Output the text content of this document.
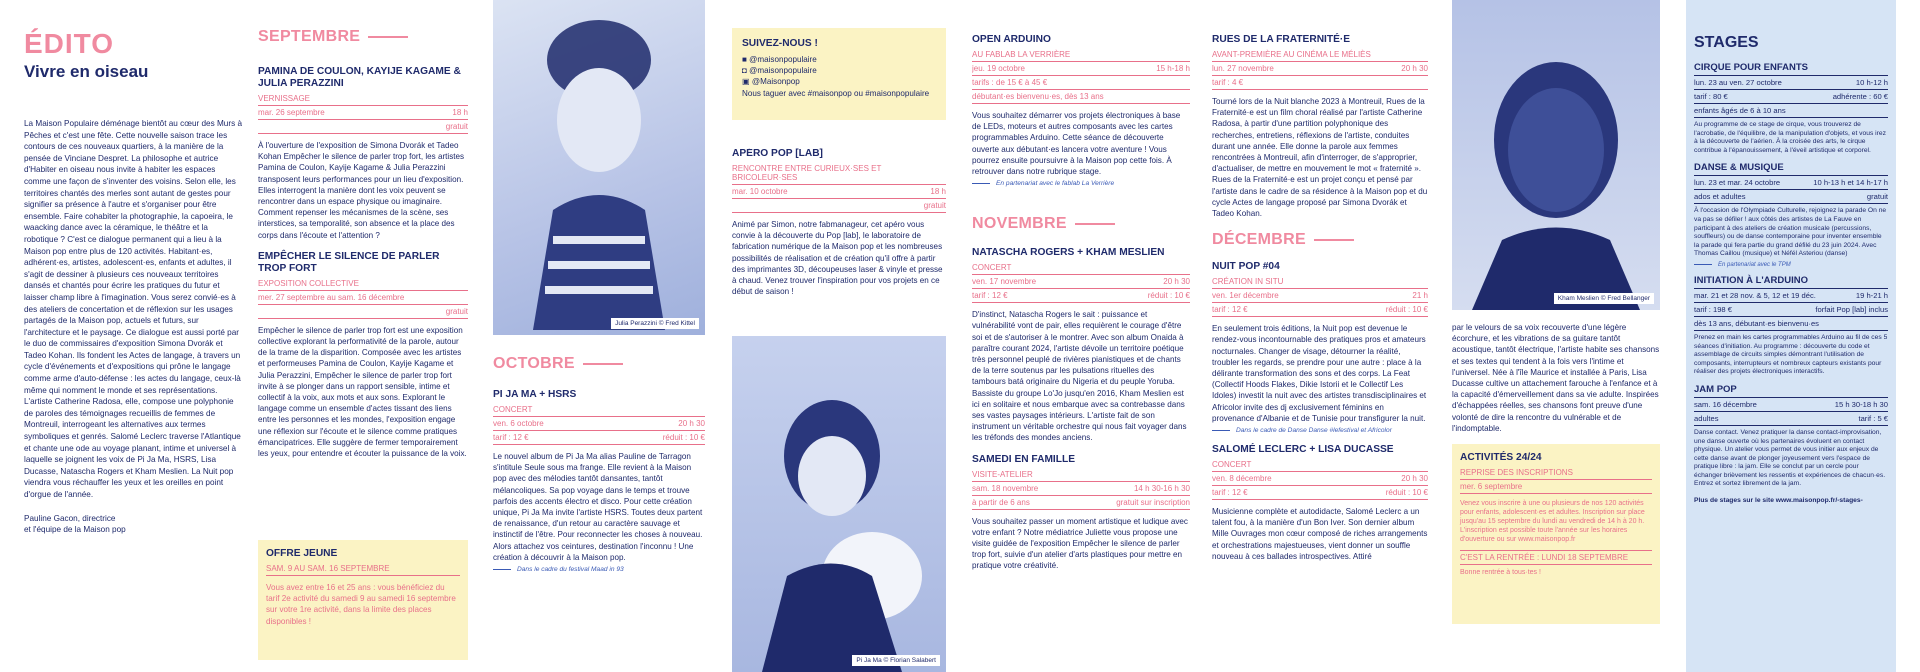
ÉDITO
Vivre en oiseau
La Maison Populaire déménage bientôt au cœur des Murs à Pêches et c'est une fête. Cette nouvelle saison trace les contours de ces nouveaux quartiers, à la manière de la pensée de Vinciane Despret. La philosophe et autrice d'Habiter en oiseau nous invite à habiter les espaces comme une façon de s'inventer des voisins. Selon elle, les territoires chantés des merles sont autant de gestes pour signifier sa présence à l'autre et s'organiser pour être ensemble. Faire cohabiter la photographie, la capoeira, le waacking dance avec la céramique, le théâtre et la robotique ? C'est ce dialogue permanent qui a lieu à la Maison pop entre plus de 120 activités. Habitant·es, adhérent·es, artistes, adolescent·es, enfants et adultes, il s'agit de dessiner à plusieurs ces nouveaux territoires dansés et chantés pour écrire les pratiques du futur et laisser champ libre à l'imagination. Vous serez convié·es à des ateliers de concertation et de réflexion sur les usages partagés de la Maison pop, actuels et futurs, sur l'architecture et le paysage. Ce dialogue est aussi porté par le duo de commissaires d'exposition Simona Dvorák et Tadeo Kohan. Ils fondent les Actes de langage, à travers un cycle d'événements et d'expositions qui prône le langage comme arme d'auto-défense : les actes du langage, ceux-là même qui nomment le monde et ses représentations. L'artiste Catherine Radosa, elle, compose une polyphonie de paroles des témoignages recueillis de femmes de Montreuil, interrogeant les alternatives aux termes symboliques et genrés. Salomé Leclerc traverse l'Atlantique et chante une ode au voyage planant, intime et universel à laquelle se joignent les voix de Pi Ja Ma, HSRS, Lisa Ducasse, Natascha Rogers et Kham Meslien. La Nuit pop viendra vous réchauffer les yeux et les oreilles en point d'orgue de l'année.
Pauline Gacon, directrice
et l'équipe de la Maison pop
SEPTEMBRE
PAMINA DE COULON, KAYIJE KAGAME & JULIA PERAZZINI
VERNISSAGE
mar. 26 septembre	18 h
gratuit
À l'ouverture de l'exposition de Simona Dvorák et Tadeo Kohan Empêcher le silence de parler trop fort, les artistes Pamina de Coulon, Kayije Kagame & Julia Perazzini transposent leurs performances pour un lieu d'exposition. Elles interrogent la manière dont les voix peuvent se rencontrer dans un espace physique ou imaginaire. Comment repenser les mécanismes de la scène, ses interstices, sa temporalité, son absence et la place des corps dans l'écoute et l'attention ?
EMPÊCHER LE SILENCE DE PARLER TROP FORT
EXPOSITION COLLECTIVE
mer. 27 septembre au sam. 16 décembre
gratuit
Empêcher le silence de parler trop fort est une exposition collective explorant la performativité de la parole, autour de la trame de la disparition. Composée avec les artistes et performeuses Pamina de Coulon, Kayije Kagame et Julia Perazzini, Empêcher le silence de parler trop fort invite à se plonger dans un rapport sensible, intime et collectif à la voix, aux mots et aux sons. Explorant le langage comme un ensemble d'actes tissant des liens entre les personnes et les mondes, l'exposition engage une réflexion sur l'écoute et le silence comme pratiques émancipatrices. Elle suggère de fermer temporairement les yeux, pour entendre et écouter la puissance de la voix.
OFFRE JEUNE
SAM. 9 AU SAM. 16 SEPTEMBRE
Vous avez entre 16 et 25 ans : vous bénéficiez du tarif 2e activité du samedi 9 au samedi 16 septembre sur votre 1re activité, dans la limite des places disponibles !
Julia Perazzini © Fred Kittel
OCTOBRE
PI JA MA + HSRS
CONCERT
ven. 6 octobre	20 h 30
tarif : 12 €	réduit : 10 €
Le nouvel album de Pi Ja Ma alias Pauline de Tarragon s'intitule Seule sous ma frange. Elle revient à la Maison pop avec des mélodies tantôt dansantes, tantôt mélancoliques. Sa pop voyage dans le temps et trouve parfois des accents électro et disco. Pour cette création unique, Pi Ja Ma invite l'artiste HSRS. Toutes deux partent de renaissance, d'un retour au caractère sauvage et instinctif de l'être. Pour reconnecter les choses à nouveau. Alors attachez vos ceintures, destination l'inconnu ! Une création à découvrir à la Maison pop.
Dans le cadre du festival Maad in 93
SUIVEZ-NOUS !
■ @maisonpopulaire
◘ @maisonpopulaire
▣ @Maisonpop
Nous taguer avec #maisonpop ou #maisonpopulaire
APÉRO POP [LAB]
RENCONTRE ENTRE CURIEUX·SES ET BRICOLEUR·SES
mar. 10 octobre	18 h
gratuit
Animé par Simon, notre fabmanageur, cet apéro vous convie à la découverte du Pop [lab], le laboratoire de fabrication numérique de la Maison pop et les nombreuses possibilités de réalisation et de création qu'il offre à partir des imprimantes 3D, découpeuses laser & vinyle et presse à chaud. Venez trouver l'inspiration pour vos projets en ce début de saison !
Pi Ja Ma © Florian Salabert
OPEN ARDUINO
AU FABLAB LA VERRIÈRE
jeu. 19 octobre	15 h-18 h
tarifs : de 15 € à 45 €
débutant·es bienvenu·es, dès 13 ans
Vous souhaitez démarrer vos projets électroniques à base de LEDs, moteurs et autres composants avec les cartes programmables Arduino. Cette séance de découverte ouverte aux débutant·es lancera votre aventure ! Vous pourrez ensuite poursuivre à la Maison pop cette fois. À retrouver dans notre rubrique stage.
En partenariat avec le fablab La Verrière
NOVEMBRE
NATASCHA ROGERS + KHAM MESLIEN
CONCERT
ven. 17 novembre	20 h 30
tarif : 12 €	réduit : 10 €
D'instinct, Natascha Rogers le sait : puissance et vulnérabilité vont de pair, elles requièrent le courage d'être soi et de s'autoriser à le montrer. Avec son album Onaida à paraître courant 2024, l'artiste dévoile un territoire poétique très personnel peuplé de rivières pianistiques et de chants de la terre soutenus par les pulsations rituelles des tambours batá originaire du Nigeria et du peuple Yoruba. Bassiste du groupe Lo'Jo jusqu'en 2016, Kham Meslien est ici en solitaire et nous embarque avec sa contrebasse dans ses vastes paysages intérieurs. L'artiste fait de son instrument un véritable orchestre qui nous fait voyager dans les tréfonds des mondes anciens.
SAMEDI EN FAMILLE
VISITE-ATELIER
sam. 18 novembre	14 h 30-16 h 30
à partir de 6 ans	gratuit sur inscription
Vous souhaitez passer un moment artistique et ludique avec votre enfant ? Notre médiatrice Juliette vous propose une visite guidée de l'exposition Empêcher le silence de parler trop fort, suivie d'un atelier d'arts plastiques pour mettre en pratique votre créativité.
RUES DE LA FRATERNITÉ·E
AVANT-PREMIÈRE AU CINÉMA LE MÉLIÈS
lun. 27 novembre	20 h 30
tarif : 4 €
Tourné lors de la Nuit blanche 2023 à Montreuil, Rues de la Fraternité·e est un film choral réalisé par l'artiste Catherine Radosa, à partir d'une partition polyphonique des recherches, entretiens, réflexions de l'artiste, conduites durant une année. Elle donne la parole aux femmes rencontrées à Montreuil, afin d'interroger, de s'approprier, d'actualiser, de mettre en mouvement le mot « fraternité ». Rues de la Fraternité·e est un projet conçu et pensé par l'artiste dans le cadre de sa résidence à la Maison pop et du cycle Actes de langage proposé par Simona Dvorák et Tadeo Kohan.
DÉCEMBRE
NUIT POP #04
CRÉATION IN SITU
ven. 1er décembre	21 h
tarif : 12 €	réduit : 10 €
En seulement trois éditions, la Nuit pop est devenue le rendez-vous incontournable des pratiques pros et amateurs nocturnales. Changer de visage, détourner la réalité, troubler les regards, se prendre pour une autre : place à la délirante transformation des sons et des corps. La Feat (Collectif Hoods Flakes, Dikie Istorii et le Collectif Les Idoles) investit la nuit avec des artistes transdisciplinaires et Africolor invite des dj exclusivement féminins en provenance d'Albanie et de Tunisie pour transfigurer la nuit.
Dans le cadre de Danse Danse #lefestival et Africolor
SALOMÉ LECLERC + LISA DUCASSE
CONCERT
ven. 8 décembre	20 h 30
tarif : 12 €	réduit : 10 €
Musicienne complète et autodidacte, Salomé Leclerc a un talent fou, à la manière d'un Bon Iver. Son dernier album Mille Ouvrages mon cœur composé de riches arrangements et orchestrations majestueuses, vient donner un souffle nouveau à ces ballades introspectives. Attiré
Kham Meslien © Fred Bellanger
par le velours de sa voix recouverte d'une légère écorchure, et les vibrations de sa guitare tantôt acoustique, tantôt électrique, l'artiste habite ses chansons et ses textes qui tendent à la fois vers l'intime et l'universel. Née à l'île Maurice et installée à Paris, Lisa Ducasse cultive un attachement farouche à l'enfance et à la capacité d'émerveillement dans sa vie adulte. Inspirées d'échappées réelles, ses chansons font preuve d'une volonté de dire la rencontre du vulnérable et de l'indomptable.
ACTIVITÉS 24/24
REPRISE DES INSCRIPTIONS
mer. 6 septembre
Venez vous inscrire à une ou plusieurs de nos 120 activités pour enfants, adolescent·es et adultes. Inscription sur place jusqu'au 15 septembre du lundi au vendredi de 14 h à 20 h. L'inscription est possible toute l'année sur les horaires d'ouverture ou sur www.maisonpop.fr
C'EST LA RENTRÉE : LUNDI 18 SEPTEMBRE
Bonne rentrée à tous·tes !
STAGES
CIRQUE POUR ENFANTS
lun. 23 au ven. 27 octobre	10 h-12 h
tarif : 80 €	adhérente : 60 €
enfants âgés de 6 à 10 ans
Au programme de ce stage de cirque, vous trouverez de l'acrobatie, de l'équilibre, de la manipulation d'objets, et vous irez à la découverte de l'aérien. À la croisée des arts, le cirque contribue à l'épanouissement, à l'éveil artistique et corporel.
DANSE & MUSIQUE
lun. 23 et mar. 24 octobre	10 h-13 h et 14 h-17 h
ados et adultes	gratuit
À l'occasion de l'Olympiade Culturelle, rejoignez la parade On ne va pas se défiler ! aux côtés des artistes de La Fauve en participant à des ateliers de création musicale (percussions, souffleurs) ou de danse contemporaine pour inventer ensemble la parade qui fera partie du grand défilé du 23 juin 2024. Avec Thomas Caillou (musique) et Néfél Asteriou (danse)
En partenariat avec le TPM
INITIATION À L'ARDUINO
mar. 21 et 28 nov. & 5, 12 et 19 déc.	19 h-21 h
tarif : 198 €	forfait Pop [lab] inclus
dès 13 ans, débutant·es bienvenu·es
Prenez en main les cartes programmables Arduino au fil de ces 5 séances d'initiation. Au programme : découverte du code et assemblage de circuits simples démontrant l'utilisation de composants, interrupteurs et nombreux capteurs existants pour réaliser des projets électroniques interactifs.
JAM POP
sam. 16 décembre	15 h 30-18 h 30
adultes	tarif : 5 €
Danse contact. Venez pratiquer la danse contact-improvisation, une danse ouverte où les partenaires évoluent en contact physique. Un atelier vous permet de vous initier aux enjeux de cette danse avant de plonger joyeusement vers l'espace de pratique libre : la jam. Elle se conclut par un cercle pour échanger brièvement les ressentis et expériences de chacun·es. Entrez et sortez librement de la jam.
Plus de stages sur le site www.maisonpop.fr/-stages-
